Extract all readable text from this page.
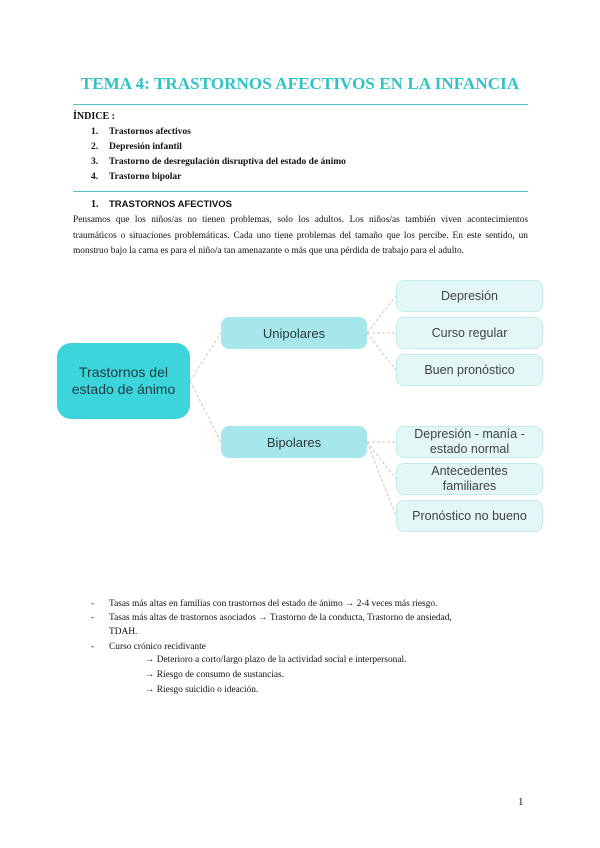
TEMA 4: TRASTORNOS AFECTIVOS EN LA INFANCIA
ÍNDICE :
1. Trastornos afectivos
2. Depresión infantil
3. Trastorno de desregulación disruptiva del estado de ánimo
4. Trastorno bipolar
1. TRASTORNOS AFECTIVOS
Pensamos que los niños/as no tienen problemas, solo los adultos. Los niños/as también viven acontecimientos traumáticos o situaciones problemáticas. Cada uno tiene problemas del tamaño que los percibe. En este sentido, un monstruo bajo la cama es para el niño/a tan amenazante o más que una pérdida de trabajo para el adulto.
Trastornos del estado de ánimo
Unipolares
Bipolares
Depresión
Curso regular
Buen pronóstico
Depresión - manía - estado normal
Antecedentes familiares
Pronóstico no bueno
- Tasas más altas en familias con trastornos del estado de ánimo → 2-4 veces más riesgo.
- Tasas más altas de trastornos asociados → Trastorno de la conducta, Trastorno de ansiedad,
TDAH.
- Curso crónico recidivante
→ Deterioro a corto/largo plazo de la actividad social e interpersonal.
→ Riesgo de consumo de sustancias.
→ Riesgo suicidio o ideación.
1
